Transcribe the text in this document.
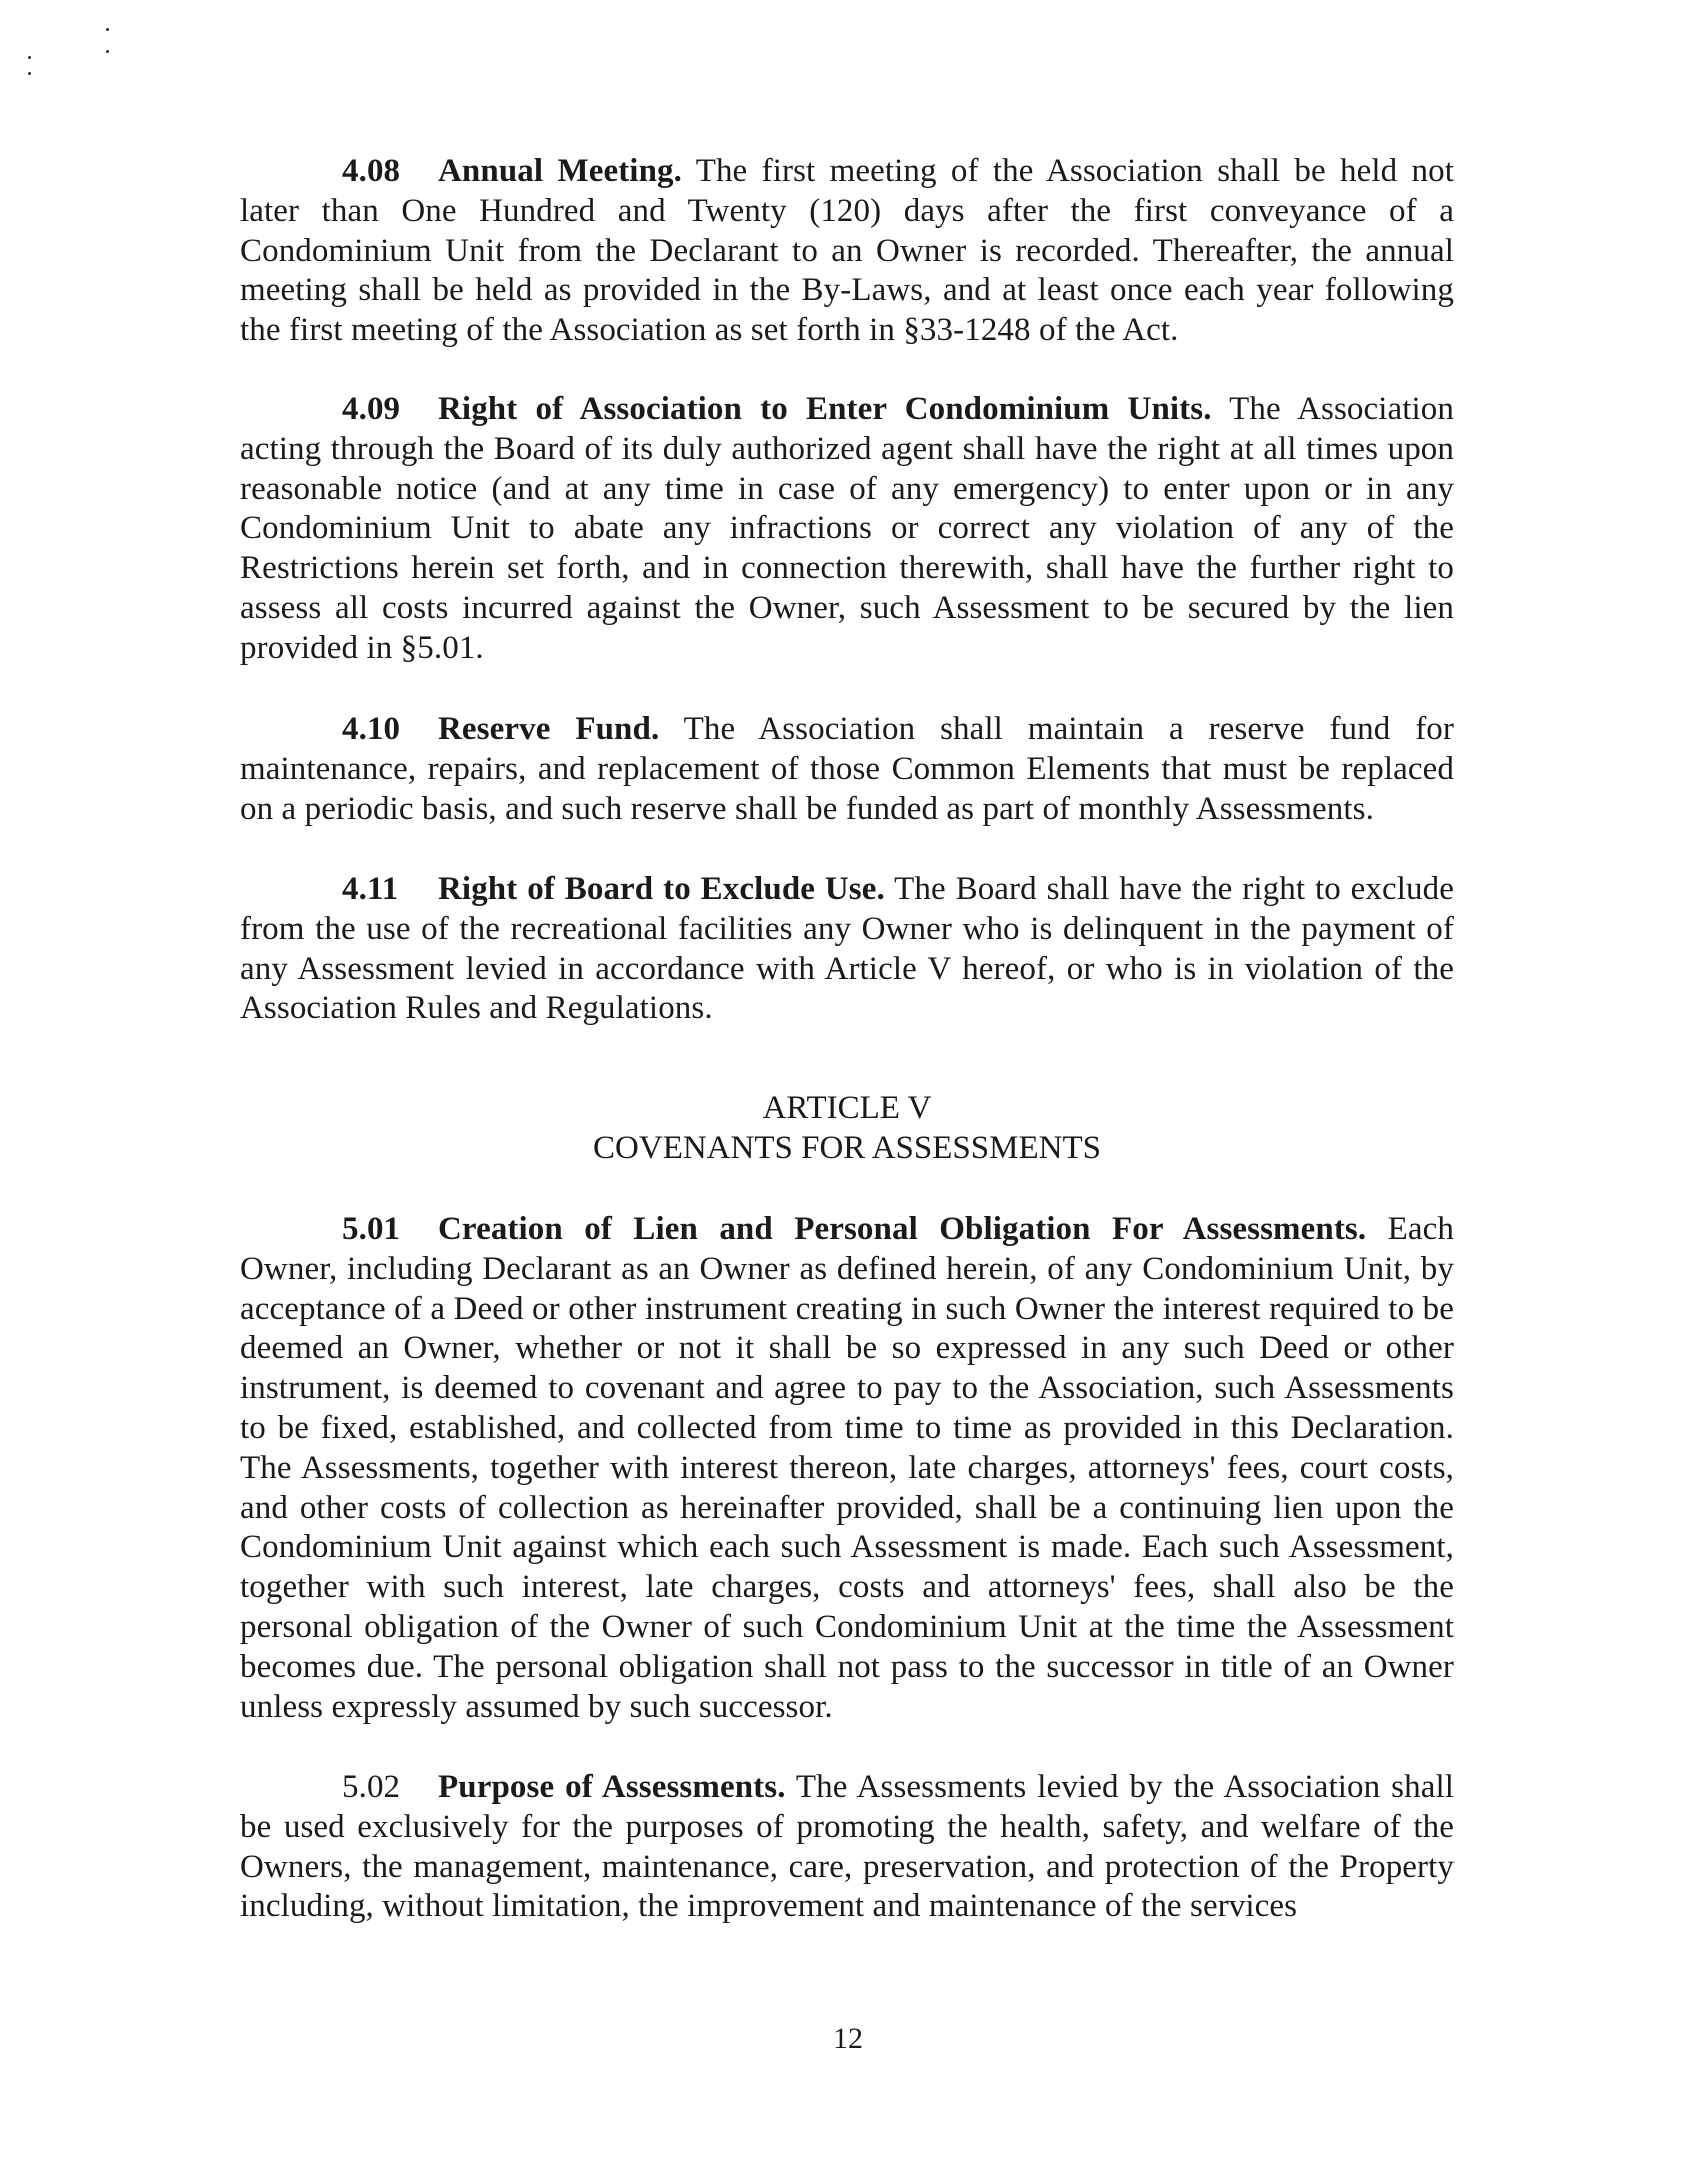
4.08 Annual Meeting. The first meeting of the Association shall be held not later than One Hundred and Twenty (120) days after the first conveyance of a Condominium Unit from the Declarant to an Owner is recorded. Thereafter, the annual meeting shall be held as provided in the By-Laws, and at least once each year following the first meeting of the Association as set forth in §33-1248 of the Act.

4.09 Right of Association to Enter Condominium Units. The Association acting through the Board of its duly authorized agent shall have the right at all times upon reasonable notice (and at any time in case of any emergency) to enter upon or in any Condominium Unit to abate any infractions or correct any violation of any of the Restrictions herein set forth, and in connection therewith, shall have the further right to assess all costs incurred against the Owner, such Assessment to be secured by the lien provided in §5.01.

4.10 Reserve Fund. The Association shall maintain a reserve fund for maintenance, repairs, and replacement of those Common Elements that must be replaced on a periodic basis, and such reserve shall be funded as part of monthly Assessments.

4.11 Right of Board to Exclude Use. The Board shall have the right to exclude from the use of the recreational facilities any Owner who is delinquent in the payment of any Assessment levied in accordance with Article V hereof, or who is in violation of the Association Rules and Regulations.

ARTICLE V
COVENANTS FOR ASSESSMENTS

5.01 Creation of Lien and Personal Obligation For Assessments. Each Owner, including Declarant as an Owner as defined herein, of any Condominium Unit, by acceptance of a Deed or other instrument creating in such Owner the interest required to be deemed an Owner, whether or not it shall be so expressed in any such Deed or other instrument, is deemed to covenant and agree to pay to the Association, such Assessments to be fixed, established, and collected from time to time as provided in this Declaration. The Assessments, together with interest thereon, late charges, attorneys' fees, court costs, and other costs of collection as hereinafter provided, shall be a continuing lien upon the Condominium Unit against which each such Assessment is made. Each such Assessment, together with such interest, late charges, costs and attorneys' fees, shall also be the personal obligation of the Owner of such Condominium Unit at the time the Assessment becomes due. The personal obligation shall not pass to the successor in title of an Owner unless expressly assumed by such successor.

5.02 Purpose of Assessments. The Assessments levied by the Association shall be used exclusively for the purposes of promoting the health, safety, and welfare of the Owners, the management, maintenance, care, preservation, and protection of the Property including, without limitation, the improvement and maintenance of the services

12
